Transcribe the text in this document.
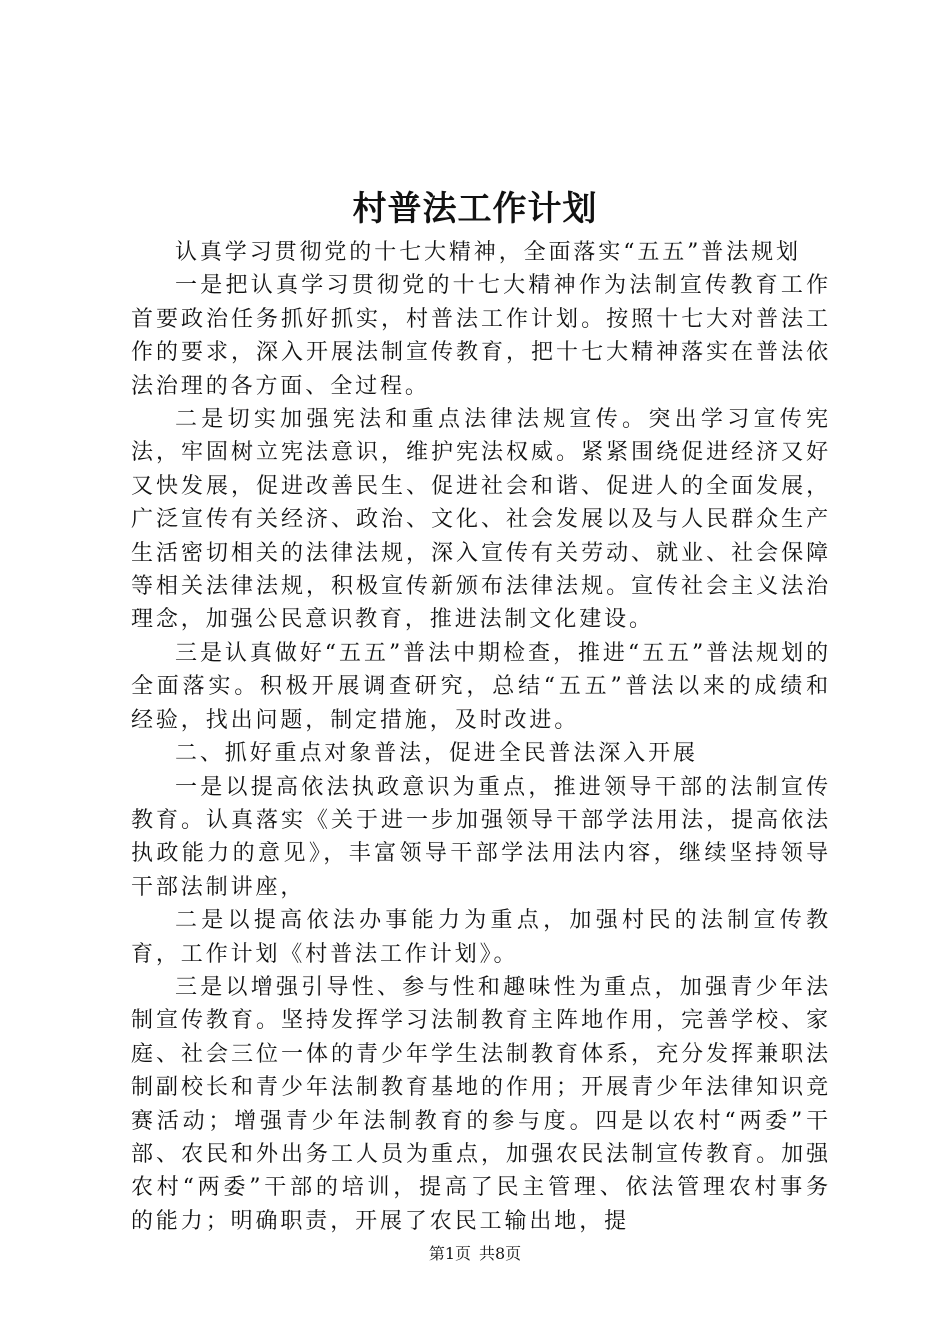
村普法工作计划

认真学习贯彻党的十七大精神，全面落实“五五”普法规划

一是把认真学习贯彻党的十七大精神作为法制宣传教育工作首要政治任务抓好抓实，村普法工作计划。按照十七大对普法工作的要求，深入开展法制宣传教育，把十七大精神落实在普法依法治理的各方面、全过程。

二是切实加强宪法和重点法律法规宣传。突出学习宣传宪法，牢固树立宪法意识，维护宪法权威。紧紧围绕促进经济又好又快发展，促进改善民生、促进社会和谐、促进人的全面发展，广泛宣传有关经济、政治、文化、社会发展以及与人民群众生产生活密切相关的法律法规，深入宣传有关劳动、就业、社会保障等相关法律法规，积极宣传新颁布法律法规。宣传社会主义法治理念，加强公民意识教育，推进法制文化建设。

三是认真做好“五五”普法中期检查，推进“五五”普法规划的全面落实。积极开展调查研究，总结“五五”普法以来的成绩和经验，找出问题，制定措施，及时改进。

二、抓好重点对象普法，促进全民普法深入开展

一是以提高依法执政意识为重点，推进领导干部的法制宣传教育。认真落实《关于进一步加强领导干部学法用法，提高依法执政能力的意见》，丰富领导干部学法用法内容，继续坚持领导干部法制讲座，

二是以提高依法办事能力为重点，加强村民的法制宣传教育，工作计划《村普法工作计划》。

三是以增强引导性、参与性和趣味性为重点，加强青少年法制宣传教育。坚持发挥学习法制教育主阵地作用，完善学校、家庭、社会三位一体的青少年学生法制教育体系，充分发挥兼职法制副校长和青少年法制教育基地的作用；开展青少年法律知识竞赛活动；增强青少年法制教育的参与度。四是以农村“两委”干部、农民和外出务工人员为重点，加强农民法制宣传教育。加强农村“两委”干部的培训，提高了民主管理、依法管理农村事务的能力；明确职责，开展了农民工输出地，提

第1页 共8页
